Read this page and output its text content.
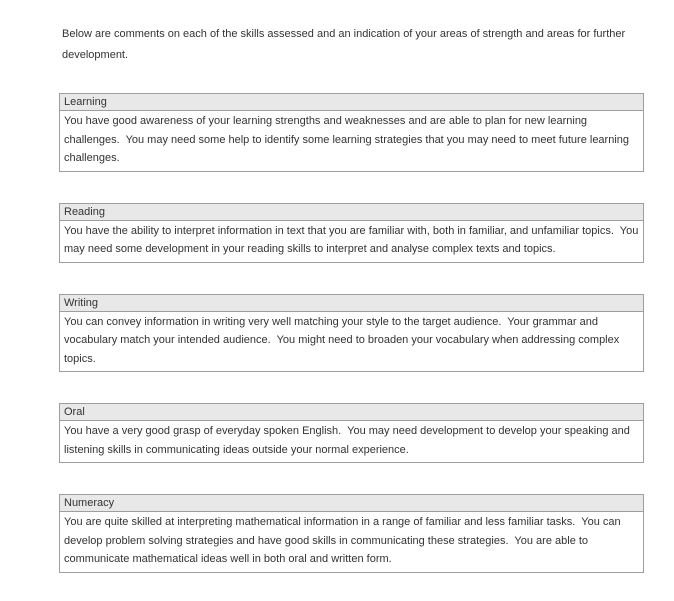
Below are comments on each of the skills assessed and an indication of your areas of strength and areas for further development.

Learning
You have good awareness of your learning strengths and weaknesses and are able to plan for new learning challenges.  You may need some help to identify some learning strategies that you may need to meet future learning challenges.
Reading
You have the ability to interpret information in text that you are familiar with, both in familiar, and unfamiliar topics.  You may need some development in your reading skills to interpret and analyse complex texts and topics.
Writing
You can convey information in writing very well matching your style to the target audience.  Your grammar and vocabulary match your intended audience.  You might need to broaden your vocabulary when addressing complex topics.
Oral
You have a very good grasp of everyday spoken English.  You may need development to develop your speaking and listening skills in communicating ideas outside your normal experience.
Numeracy
You are quite skilled at interpreting mathematical information in a range of familiar and less familiar tasks.  You can develop problem solving strategies and have good skills in communicating these strategies.  You are able to communicate mathematical ideas well in both oral and written form.
